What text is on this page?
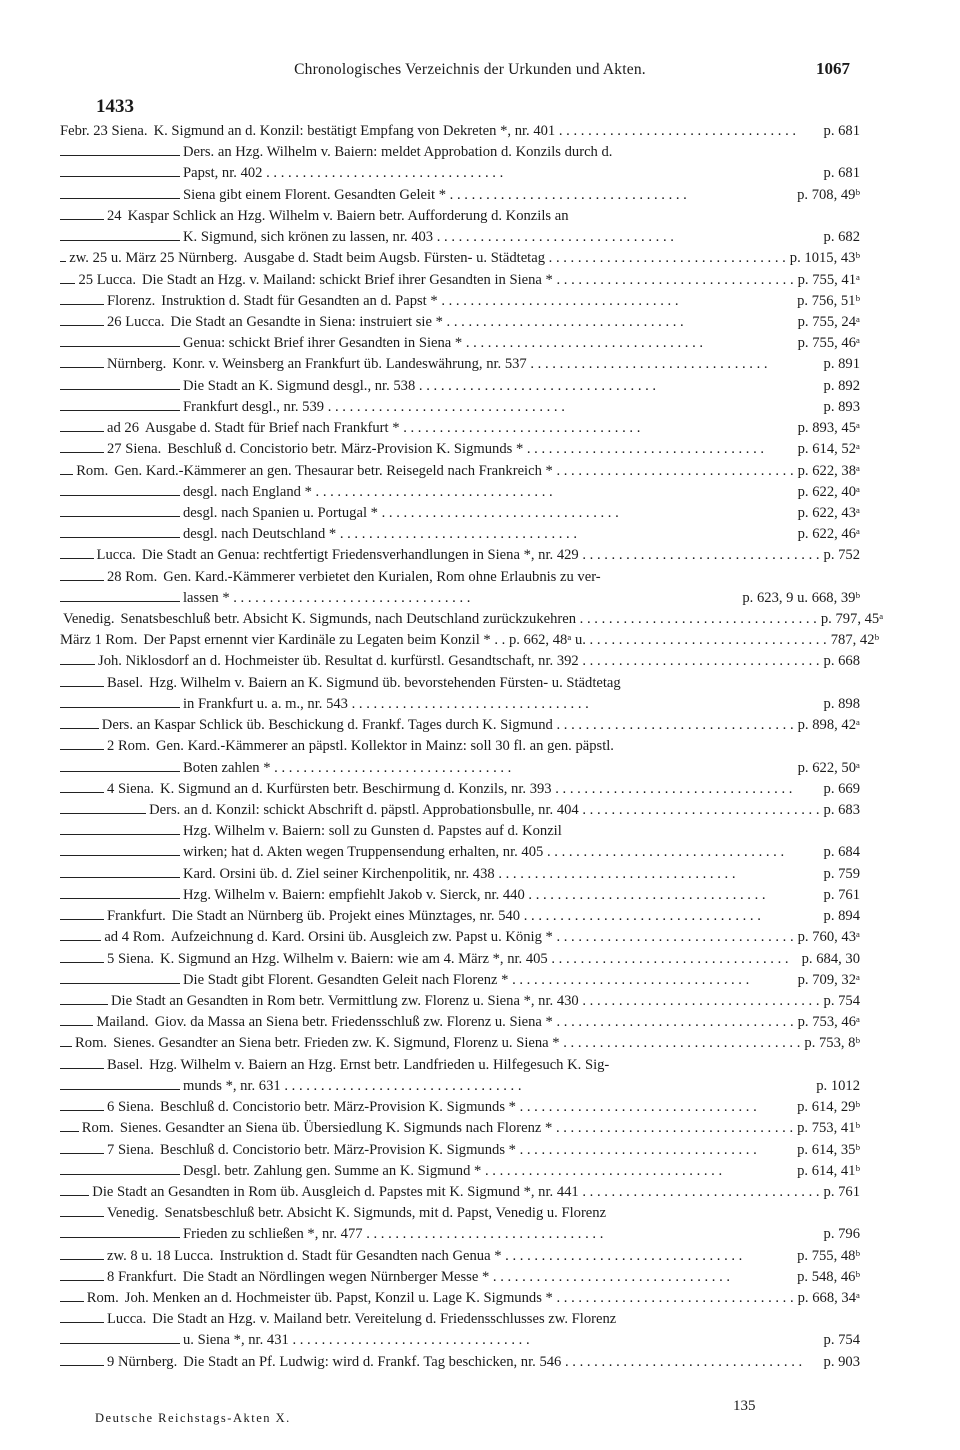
Chronologisches Verzeichnis der Urkunden und Akten.	1067
1433
Febr. 23 Siena. K. Sigmund an d. Konzil: bestätigt Empfang von Dekreten *, nr. 401 . . . . . . . . . . . . . . . . . . . . . . . . . . . . . . . . .	p. 681
Ders. an Hzg. Wilhelm v. Baiern: meldet Approbation d. Konzils durch d.
Papst, nr. 402 . . . . . . . . . . . . . . . . . . . . . . . . . . . . . . . . .	p. 681
Siena gibt einem Florent. Gesandten Geleit * . . . . . . . . . . . . . . . . . . . . . . . . . . . . . . . . .	p. 708, 49ᵇ
24 Kaspar Schlick an Hzg. Wilhelm v. Baiern betr. Aufforderung d. Konzils an
K. Sigmund, sich krönen zu lassen, nr. 403 . . . . . . . . . . . . . . . . . . . . . . . . . . . . . . . . .	p. 682
zw. 25 u. März 25 Nürnberg. Ausgabe d. Stadt beim Augsb. Fürsten- u. Städtetag . . . . . . . . . . . . . . . . . . . . . . . . . . . . . . . . . p. 1015, 43ᵇ
25 Lucca. Die Stadt an Hzg. v. Mailand: schickt Brief ihrer Gesandten in Siena * . . . . . . . . . . . . . . . . . . . . . . . . . . . . . . . . . p. 755, 41ᵃ
Florenz. Instruktion d. Stadt für Gesandten an d. Papst * . . . . . . . . . . . . . . . . . . . . . . . . . . . . . . . . .	p. 756, 51ᵇ
26 Lucca. Die Stadt an Gesandte in Siena: instruiert sie * . . . . . . . . . . . . . . . . . . . . . . . . . . . . . . . . .	p. 755, 24ᵃ
Genua: schickt Brief ihrer Gesandten in Siena * . . . . . . . . . . . . . . . . . . . . . . . . . . . . . . . . .	p. 755, 46ᵃ
Nürnberg. Konr. v. Weinsberg an Frankfurt üb. Landeswährung, nr. 537 . . . . . . . . . . . . . . . . . . . . . . . . . . . . . . . . .	p. 891
Die Stadt an K. Sigmund desgl., nr. 538 . . . . . . . . . . . . . . . . . . . . . . . . . . . . . . . . .	p. 892
Frankfurt desgl., nr. 539 . . . . . . . . . . . . . . . . . . . . . . . . . . . . . . . . .	p. 893
ad 26 Ausgabe d. Stadt für Brief nach Frankfurt * . . . . . . . . . . . . . . . . . . . . . . . . . . . . . . . . .	p. 893, 45ᵃ
27 Siena. Beschluß d. Concistorio betr. März-Provision K. Sigmunds * . . . . . . . . . . . . . . . . . . . . . . . . . . . . . . . . .	p. 614, 52ᵃ
Rom. Gen. Kard.-Kämmerer an gen. Thesaurar betr. Reisegeld nach Frankreich * . . . . . . . . . . . . . . . . . . . . . . . . . . . . . . . . . p. 622, 38ᵃ
desgl. nach England * . . . . . . . . . . . . . . . . . . . . . . . . . . . . . . . . .	p. 622, 40ᵃ
desgl. nach Spanien u. Portugal * . . . . . . . . . . . . . . . . . . . . . . . . . . . . . . . . .	p. 622, 43ᵃ
desgl. nach Deutschland * . . . . . . . . . . . . . . . . . . . . . . . . . . . . . . . . .	p. 622, 46ᵃ
Lucca. Die Stadt an Genua: rechtfertigt Friedensverhandlungen in Siena *, nr. 429 . . . . . . . . . . . . . . . . . . . . . . . . . . . . . . . . . p. 752
28 Rom. Gen. Kard.-Kämmerer verbietet den Kurialen, Rom ohne Erlaubnis zu ver-
lassen * . . . . . . . . . . . . . . . . . . . . . . . . . . . . . . . . .	p. 623, 9 u. 668, 39ᵇ
Venedig. Senatsbeschluß betr. Absicht K. Sigmunds, nach Deutschland zurückzukehren . . . . . . . . . . . . . . . . . . . . . . . . . . . . . . . . . p. 797, 45ᵃ
März 1 Rom. Der Papst ernennt vier Kardinäle zu Legaten beim Konzil * . . p. 662, 48ᵃ u. . . . . . . . . . . . . . . . . . . . . . . . . . . . . . . . . . 787, 42ᵇ
Joh. Niklosdorf an d. Hochmeister üb. Resultat d. kurfürstl. Gesandtschaft, nr. 392 . . . . . . . . . . . . . . . . . . . . . . . . . . . . . . . . . p. 668
Basel. Hzg. Wilhelm v. Baiern an K. Sigmund üb. bevorstehenden Fürsten- u. Städtetag
in Frankfurt u. a. m., nr. 543 . . . . . . . . . . . . . . . . . . . . . . . . . . . . . . . . .	p. 898
Ders. an Kaspar Schlick üb. Beschickung d. Frankf. Tages durch K. Sigmund . . . . . . . . . . . . . . . . . . . . . . . . . . . . . . . . . p. 898, 42ᵃ
2 Rom. Gen. Kard.-Kämmerer an päpstl. Kollektor in Mainz: soll 30 fl. an gen. päpstl.
Boten zahlen * . . . . . . . . . . . . . . . . . . . . . . . . . . . . . . . . .	p. 622, 50ᵃ
4 Siena. K. Sigmund an d. Kurfürsten betr. Beschirmung d. Konzils, nr. 393 . . . . . . . . . . . . . . . . . . . . . . . . . . . . . . . . .	p. 669
Ders. an d. Konzil: schickt Abschrift d. päpstl. Approbationsbulle, nr. 404 . . . . . . . . . . . . . . . . . . . . . . . . . . . . . . . . . p. 683
Hzg. Wilhelm v. Baiern: soll zu Gunsten d. Papstes auf d. Konzil
wirken; hat d. Akten wegen Truppensendung erhalten, nr. 405 . . . . . . . . . . . . . . . . . . . . . . . . . . . . . . . . .	p. 684
Kard. Orsini üb. d. Ziel seiner Kirchenpolitik, nr. 438 . . . . . . . . . . . . . . . . . . . . . . . . . . . . . . . . .	p. 759
Hzg. Wilhelm v. Baiern: empfiehlt Jakob v. Sierck, nr. 440 . . . . . . . . . . . . . . . . . . . . . . . . . . . . . . . . .	p. 761
Frankfurt. Die Stadt an Nürnberg üb. Projekt eines Münztages, nr. 540 . . . . . . . . . . . . . . . . . . . . . . . . . . . . . . . . .	p. 894
ad 4 Rom. Aufzeichnung d. Kard. Orsini üb. Ausgleich zw. Papst u. König * . . . . . . . . . . . . . . . . . . . . . . . . . . . . . . . . . p. 760, 43ᵃ
5 Siena. K. Sigmund an Hzg. Wilhelm v. Baiern: wie am 4. März *, nr. 405 . . . . . . . . . . . . . . . . . . . . . . . . . . . . . . . . . p. 684, 30
Die Stadt gibt Florent. Gesandten Geleit nach Florenz * . . . . . . . . . . . . . . . . . . . . . . . . . . . . . . . . .	p. 709, 32ᵃ
Die Stadt an Gesandten in Rom betr. Vermittlung zw. Florenz u. Siena *, nr. 430 . . . . . . . . . . . . . . . . . . . . . . . . . . . . . . . . . p. 754
Mailand. Giov. da Massa an Siena betr. Friedensschluß zw. Florenz u. Siena * . . . . . . . . . . . . . . . . . . . . . . . . . . . . . . . . . p. 753, 46ᵃ
Rom. Sienes. Gesandter an Siena betr. Frieden zw. K. Sigmund, Florenz u. Siena * . . . . . . . . . . . . . . . . . . . . . . . . . . . . . . . . . p. 753, 8ᵇ
Basel. Hzg. Wilhelm v. Baiern an Hzg. Ernst betr. Landfrieden u. Hilfegesuch K. Sig-
munds *, nr. 631 . . . . . . . . . . . . . . . . . . . . . . . . . . . . . . . . .	p. 1012
6 Siena. Beschluß d. Concistorio betr. März-Provision K. Sigmunds * . . . . . . . . . . . . . . . . . . . . . . . . . . . . . . . . .	p. 614, 29ᵇ
Rom. Sienes. Gesandter an Siena üb. Übersiedlung K. Sigmunds nach Florenz * . . . . . . . . . . . . . . . . . . . . . . . . . . . . . . . . . p. 753, 41ᵇ
7 Siena. Beschluß d. Concistorio betr. März-Provision K. Sigmunds * . . . . . . . . . . . . . . . . . . . . . . . . . . . . . . . . .	p. 614, 35ᵇ
Desgl. betr. Zahlung gen. Summe an K. Sigmund * . . . . . . . . . . . . . . . . . . . . . . . . . . . . . . . . .	p. 614, 41ᵇ
Die Stadt an Gesandten in Rom üb. Ausgleich d. Papstes mit K. Sigmund *, nr. 441 . . . . . . . . . . . . . . . . . . . . . . . . . . . . . . . . . p. 761
Venedig. Senatsbeschluß betr. Absicht K. Sigmunds, mit d. Papst, Venedig u. Florenz
Frieden zu schließen *, nr. 477 . . . . . . . . . . . . . . . . . . . . . . . . . . . . . . . . .	p. 796
zw. 8 u. 18 Lucca. Instruktion d. Stadt für Gesandten nach Genua * . . . . . . . . . . . . . . . . . . . . . . . . . . . . . . . . .	p. 755, 48ᵇ
8 Frankfurt. Die Stadt an Nördlingen wegen Nürnberger Messe * . . . . . . . . . . . . . . . . . . . . . . . . . . . . . . . . .	p. 548, 46ᵇ
Rom. Joh. Menken an d. Hochmeister üb. Papst, Konzil u. Lage K. Sigmunds * . . . . . . . . . . . . . . . . . . . . . . . . . . . . . . . . . p. 668, 34ᵃ
Lucca. Die Stadt an Hzg. v. Mailand betr. Vereitelung d. Friedensschlusses zw. Florenz
u. Siena *, nr. 431 . . . . . . . . . . . . . . . . . . . . . . . . . . . . . . . . .	p. 754
9 Nürnberg. Die Stadt an Pf. Ludwig: wird d. Frankf. Tag beschicken, nr. 546 . . . . . . . . . . . . . . . . . . . . . . . . . . . . . . . . .	p. 903
Deutsche Reichstags-Akten X.
135
